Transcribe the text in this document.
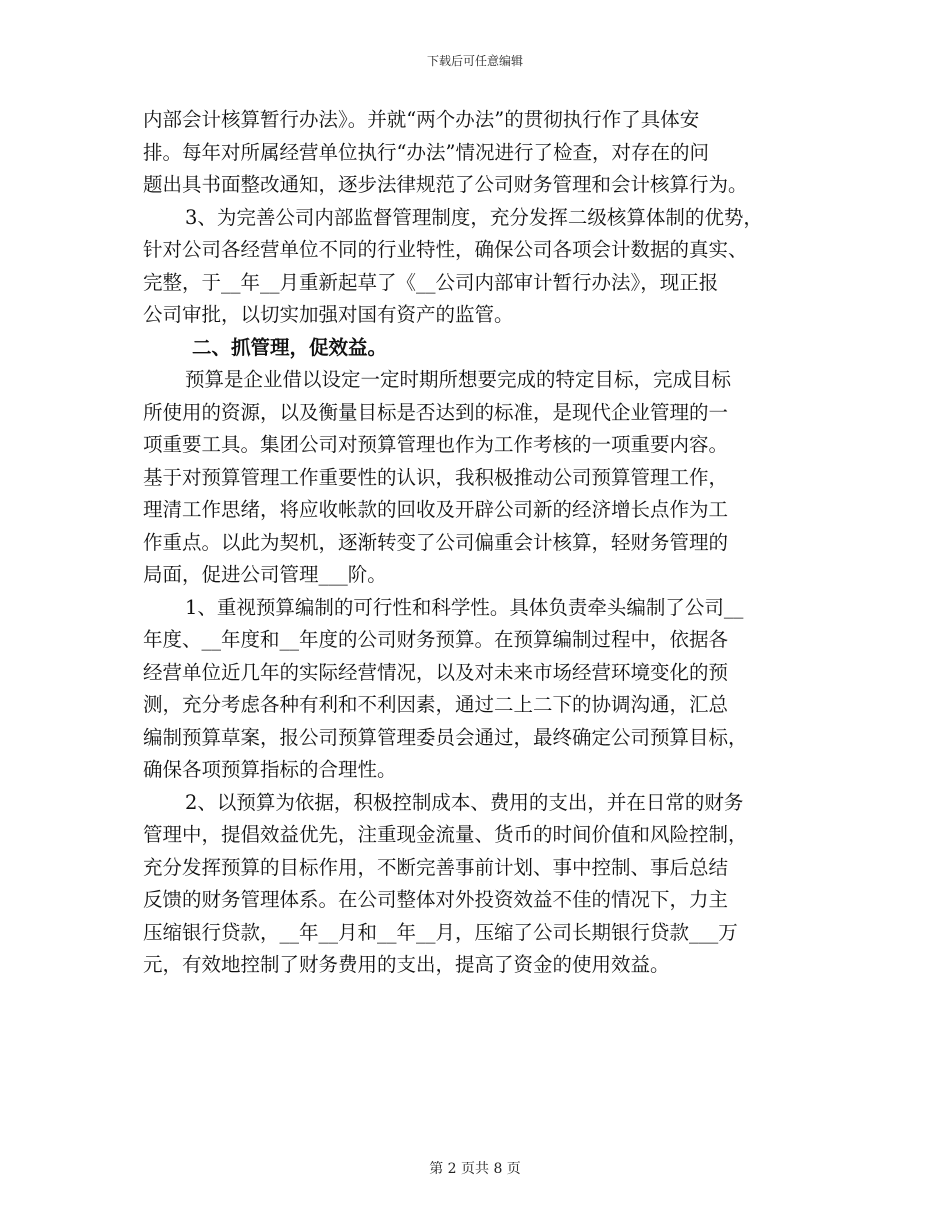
下载后可任意编辑
内部会计核算暂行办法》。并就“两个办法”的贯彻执行作了具体安
排。每年对所属经营单位执行“办法”情况进行了检查，对存在的问
题出具书面整改通知，逐步法律规范了公司财务管理和会计核算行为。
3、为完善公司内部监督管理制度，充分发挥二级核算体制的优势，
针对公司各经营单位不同的行业特性，确保公司各项会计数据的真实、
完整，于__年__月重新起草了《__公司内部审计暂行办法》，现正报
公司审批，以切实加强对国有资产的监管。
二、抓管理，促效益。
预算是企业借以设定一定时期所想要完成的特定目标，完成目标
所使用的资源，以及衡量目标是否达到的标准，是现代企业管理的一
项重要工具。集团公司对预算管理也作为工作考核的一项重要内容。
基于对预算管理工作重要性的认识，我积极推动公司预算管理工作，
理清工作思绪，将应收帐款的回收及开辟公司新的经济增长点作为工
作重点。以此为契机，逐渐转变了公司偏重会计核算，轻财务管理的
局面，促进公司管理___阶。
1、重视预算编制的可行性和科学性。具体负责牵头编制了公司__
年度、__年度和__年度的公司财务预算。在预算编制过程中，依据各
经营单位近几年的实际经营情况，以及对未来市场经营环境变化的预
测，充分考虑各种有利和不利因素，通过二上二下的协调沟通，汇总
编制预算草案，报公司预算管理委员会通过，最终确定公司预算目标，
确保各项预算指标的合理性。
2、以预算为依据，积极控制成本、费用的支出，并在日常的财务
管理中，提倡效益优先，注重现金流量、货币的时间价值和风险控制，
充分发挥预算的目标作用，不断完善事前计划、事中控制、事后总结
反馈的财务管理体系。在公司整体对外投资效益不佳的情况下，力主
压缩银行贷款，__年__月和__年__月，压缩了公司长期银行贷款___万
元，有效地控制了财务费用的支出，提高了资金的使用效益。
第 2 页共 8 页
